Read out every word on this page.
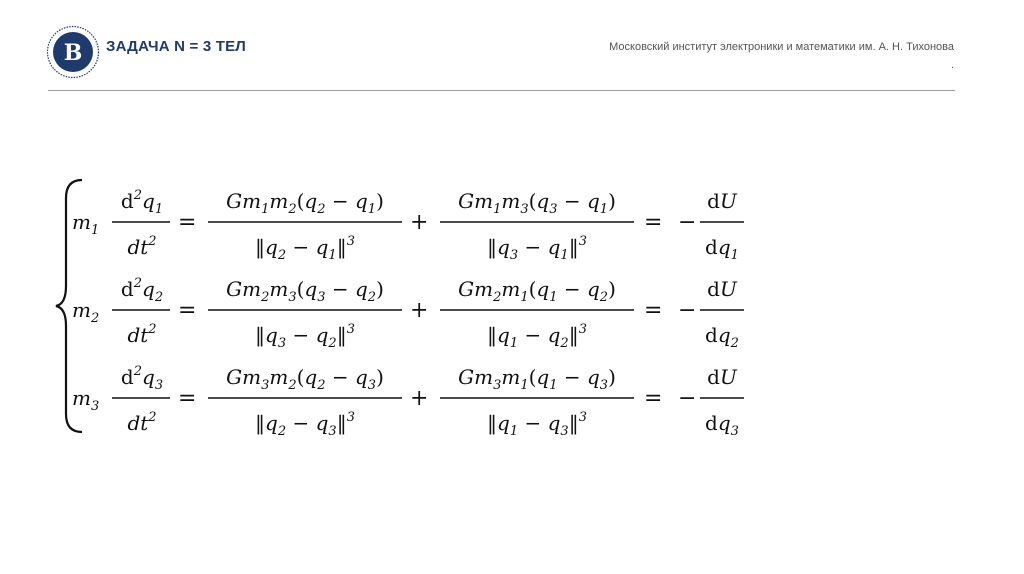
В ЗАДАЧА N = 3 ТЕЛ	Московский институт электроники и математики им. А. Н. Тихонова
.
$m_1$
$d^2q_1$
$dt^2$
=
$Gm_1m_2(q_2 - q_1)$
$‖q_2$ − $q_1‖^3$
+
$Gm_1m_3(q_3 - q_1)$
$‖q_3$ − $q_1‖^3$
= −
dU
$dq_1$
$m_2$
$d^2q_2$
$dt^2$
=
$Gm_2m_3(q_3 - q_2)$
$‖q_3$ − $q_2‖^3$
+
$Gm_2m_1(q_1 - q_2)$
$‖q_1$ − $q_2‖^3$
= −
dU
$dq_2$
$m_3$
$d^2q_3$
$dt^2$
=
$Gm_3m_2(q_2 - q_3)$
$‖q_2$ − $q_3‖^3$
+
$Gm_3m_1(q_1 - q_3)$
$‖q_1$ − $q_3‖^3$
= −
dU
$dq_3$
